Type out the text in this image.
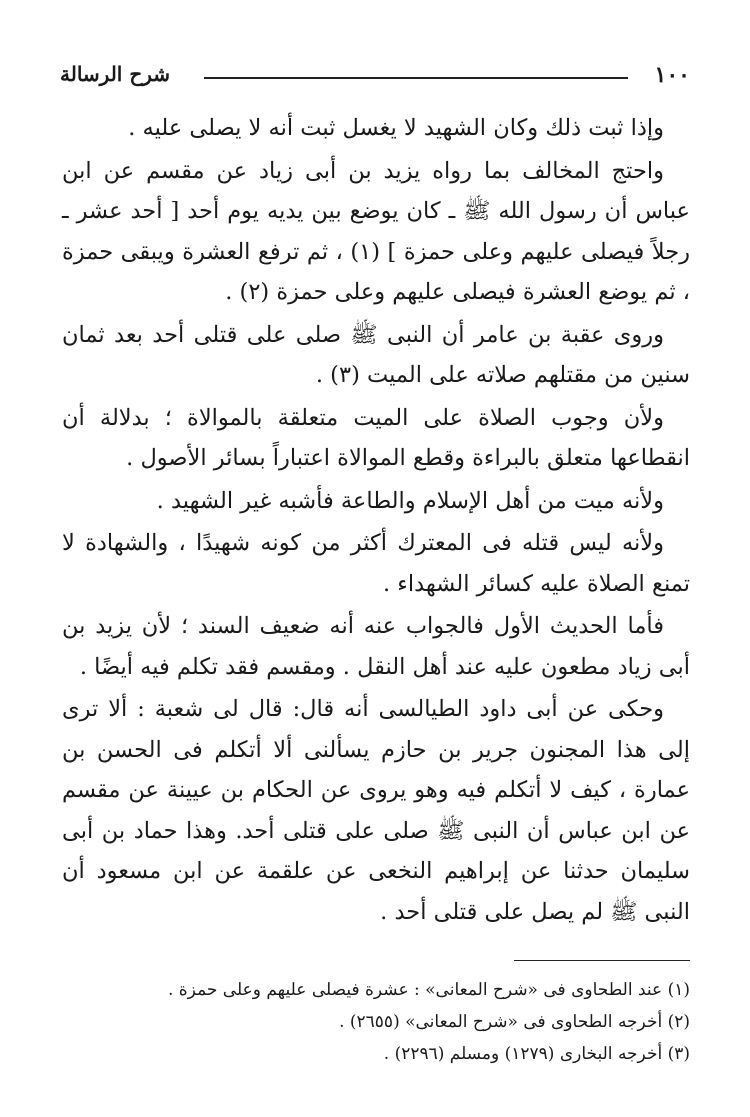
١٠٠
شرح الرسالة

وإذا ثبت ذلك وكان الشهيد لا يغسل ثبت أنه لا يصلى عليه .

واحتج المخالف بما رواه يزيد بن أبى زياد عن مقسم عن ابن عباس أن رسول الله ﷺ ـ كان يوضع بين يديه يوم أحد [ أحد عشر ـ رجلاً فيصلى عليهم وعلى حمزة ] (١) ، ثم ترفع العشرة ويبقى حمزة ، ثم يوضع العشرة فيصلى عليهم وعلى حمزة (٢) .

وروى عقبة بن عامر أن النبى ﷺ صلى على قتلى أحد بعد ثمان سنين من مقتلهم صلاته على الميت (٣) .

ولأن وجوب الصلاة على الميت متعلقة بالموالاة ؛ بدلالة أن انقطاعها متعلق بالبراءة وقطع الموالاة اعتباراً بسائر الأصول .

ولأنه ميت من أهل الإسلام والطاعة فأشبه غير الشهيد .

ولأنه ليس قتله فى المعترك أكثر من كونه شهيدًا ، والشهادة لا تمنع الصلاة عليه كسائر الشهداء .

فأما الحديث الأول فالجواب عنه أنه ضعيف السند ؛ لأن يزيد بن أبى زياد مطعون عليه عند أهل النقل . ومقسم فقد تكلم فيه أيضًا .

وحكى عن أبى داود الطيالسى أنه قال: قال لى شعبة : ألا ترى إلى هذا المجنون جرير بن حازم يسألنى ألا أتكلم فى الحسن بن عمارة ، كيف لا أتكلم فيه وهو يروى عن الحكام بن عيينة عن مقسم عن ابن عباس أن النبى ﷺ صلى على قتلى أحد. وهذا حماد بن أبى سليمان حدثنا عن إبراهيم النخعى عن علقمة عن ابن مسعود أن النبى ﷺ لم يصل على قتلى أحد .

(١) عند الطحاوى فى «شرح المعانى» : عشرة فيصلى عليهم وعلى حمزة .
(٢) أخرجه الطحاوى فى «شرح المعانى» (٢٦٥٥) .
(٣) أخرجه البخارى (١٢٧٩) ومسلم (٢٢٩٦) .
